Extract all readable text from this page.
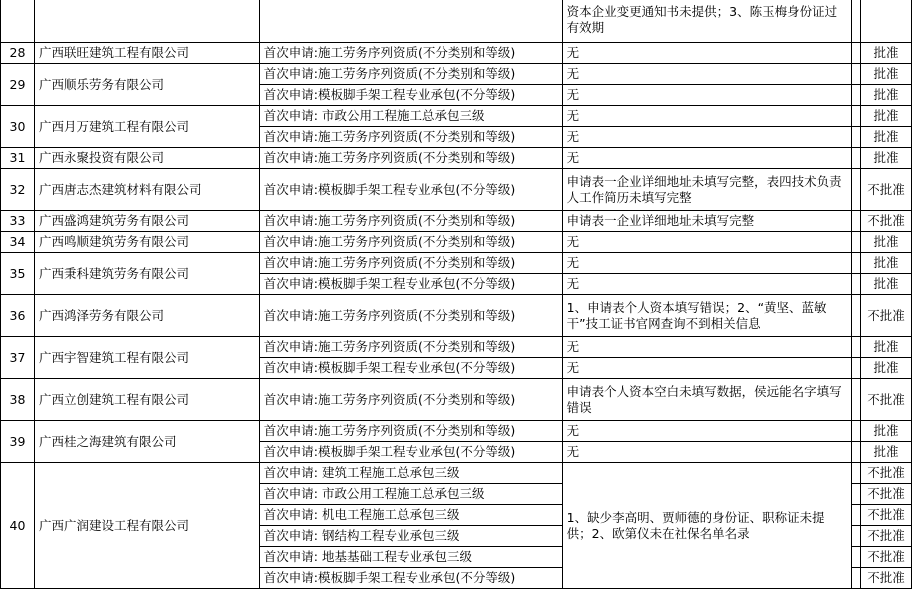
			资本企业变更通知书未提供；3、陈玉梅身份证过有效期		
28	广西联旺建筑工程有限公司	首次申请:施工劳务序列资质(不分类别和等级)	无		批准
29	广西顺乐劳务有限公司	首次申请:施工劳务序列资质(不分类别和等级)	无		批准
		首次申请:模板脚手架工程专业承包(不分等级)	无		批准
30	广西月万建筑工程有限公司	首次申请: 市政公用工程施工总承包三级	无		批准
		首次申请:施工劳务序列资质(不分类别和等级)	无		批准
31	广西永聚投资有限公司	首次申请:施工劳务序列资质(不分类别和等级)	无		批准
32	广西唐志杰建筑材料有限公司	首次申请:模板脚手架工程专业承包(不分等级)	申请表一企业详细地址未填写完整，表四技术负责人工作简历未填写完整		不批准
33	广西盛鸿建筑劳务有限公司	首次申请:施工劳务序列资质(不分类别和等级)	申请表一企业详细地址未填写完整		不批准
34	广西鸣顺建筑劳务有限公司	首次申请:施工劳务序列资质(不分类别和等级)	无		批准
35	广西秉科建筑劳务有限公司	首次申请:施工劳务序列资质(不分类别和等级)	无		批准
		首次申请:模板脚手架工程专业承包(不分等级)	无		批准
36	广西鸿泽劳务有限公司	首次申请:施工劳务序列资质(不分类别和等级)	1、申请表个人资本填写错误；2、“黄坚、蓝敏干”技工证书官网查询不到相关信息		不批准
37	广西宇智建筑工程有限公司	首次申请:施工劳务序列资质(不分类别和等级)	无		批准
		首次申请:模板脚手架工程专业承包(不分等级)	无		批准
38	广西立创建筑工程有限公司	首次申请:施工劳务序列资质(不分类别和等级)	申请表个人资本空白未填写数据，侯远能名字填写错误		不批准
39	广西桂之海建筑有限公司	首次申请:施工劳务序列资质(不分类别和等级)	无		批准
		首次申请:模板脚手架工程专业承包(不分等级)	无		批准
40	广西广润建设工程有限公司	首次申请: 建筑工程施工总承包三级	1、缺少李高明、贾师德的身份证、职称证未提供；2、欧第仪未在社保名单名录		不批准
		首次申请: 市政公用工程施工总承包三级			不批准
		首次申请: 机电工程施工总承包三级			不批准
		首次申请: 钢结构工程专业承包三级			不批准
		首次申请: 地基基础工程专业承包三级			不批准
		首次申请:模板脚手架工程专业承包(不分等级)			不批准
